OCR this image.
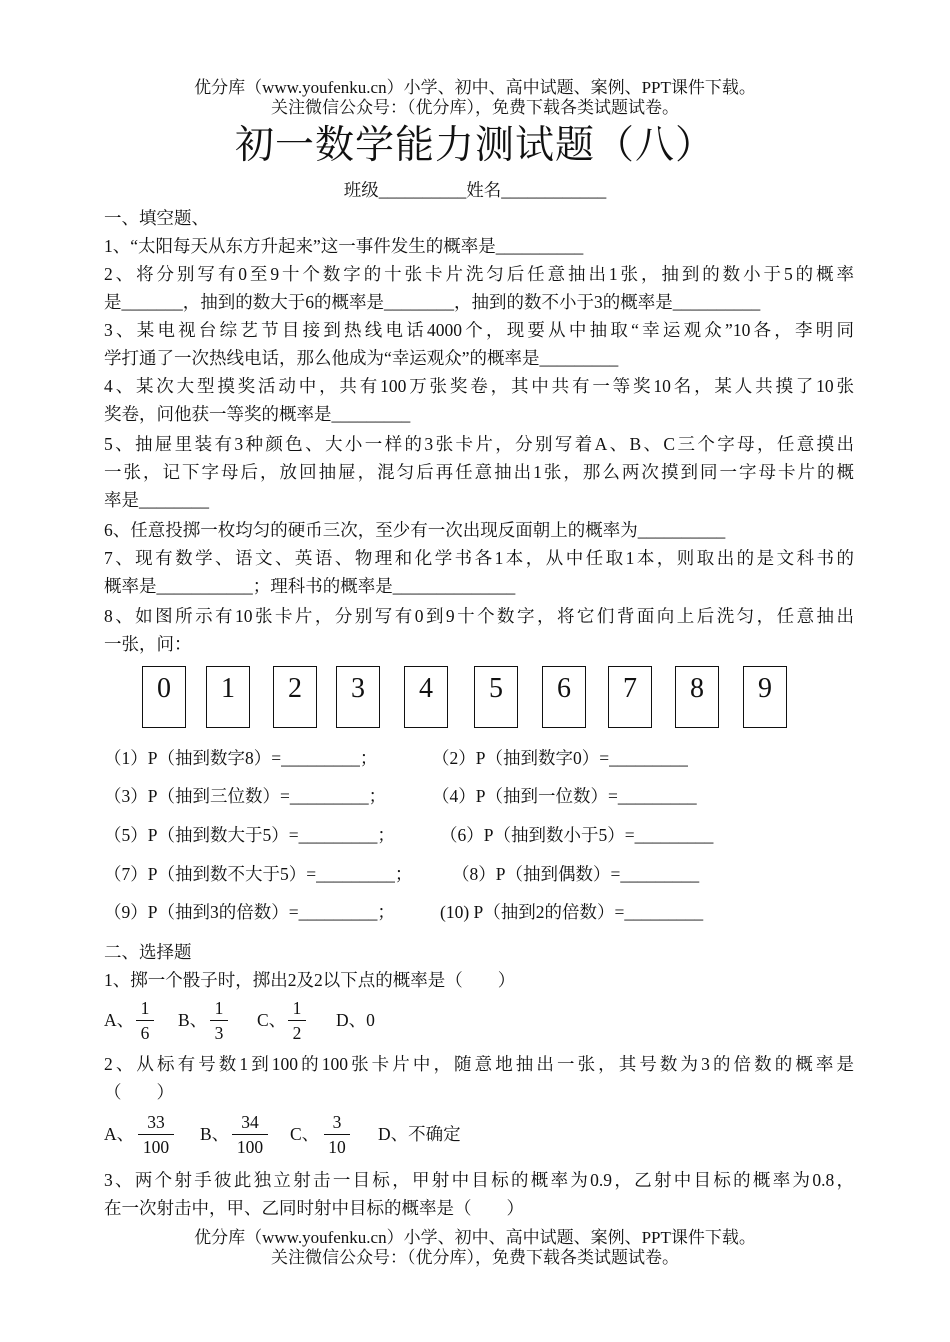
优分库（www.youfenku.cn）小学、初中、高中试题、案例、PPT课件下载。
关注微信公众号：（优分库），免费下载各类试题试卷。
初一数学能力测试题（八）
班级__________姓名____________
一、填空题、
1、“太阳每天从东方升起来”这一事件发生的概率是__________
2、将分别写有0至9十个数字的十张卡片洗匀后任意抽出1张，抽到的数小于5的概率
是_______，抽到的数大于6的概率是________，抽到的数不小于3的概率是__________
3、某电视台综艺节目接到热线电话4000个，现要从中抽取“幸运观众”10各，李明同
学打通了一次热线电话，那么他成为“幸运观众”的概率是_________
4、某次大型摸奖活动中，共有100万张奖卷，其中共有一等奖10名，某人共摸了10张
奖卷，问他获一等奖的概率是_________
5、抽屉里装有3种颜色、大小一样的3张卡片，分别写着A、B、C三个字母，任意摸出
一张，记下字母后，放回抽屉，混匀后再任意抽出1张，那么两次摸到同一字母卡片的概
率是________
6、任意投掷一枚均匀的硬币三次，至少有一次出现反面朝上的概率为__________
7、现有数学、语文、英语、物理和化学书各1本，从中任取1本，则取出的是文科书的
概率是___________；理科书的概率是______________
8、如图所示有10张卡片，分别写有0到9十个数字，将它们背面向上后洗匀，任意抽出
一张，问：
0	1	2	3	4	5	6	7	8	9
（1）P（抽到数字8）=_________；	（2）P（抽到数字0）=_________
（3）P（抽到三位数）=_________；	（4）P（抽到一位数）=_________
（5）P（抽到数大于5）=_________；	（6）P（抽到数小于5）=_________
（7）P（抽到数不大于5）=_________； （8）P（抽到偶数）=_________
（9）P（抽到3的倍数）=_________；	(10) P（抽到2的倍数）=_________
二、选择题
1、掷一个骰子时，掷出2及2以下点的概率是（　　）
A、
1
6
B、
1
3
C、
1
2
D、0
2、从标有号数1到100的100张卡片中，随意地抽出一张，其号数为3的倍数的概率是
（　　）
A、
33
100
B、
34
100
C、
3
10
D、不确定
3、两个射手彼此独立射击一目标，甲射中目标的概率为0.9，乙射中目标的概率为0.8，
在一次射击中，甲、乙同时射中目标的概率是（　　）
优分库（www.youfenku.cn）小学、初中、高中试题、案例、PPT课件下载。
关注微信公众号：（优分库），免费下载各类试题试卷。
